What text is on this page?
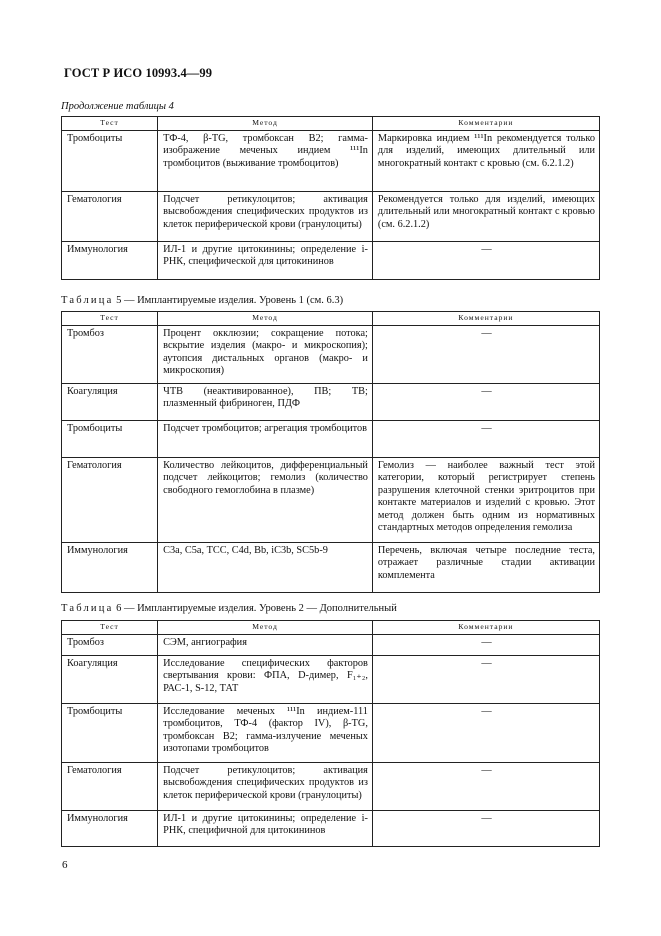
ГОСТ Р ИСО 10993.4—99
Продолжение таблицы 4
Тест	Метод	Комментарии
Тромбоциты	ТФ-4, β-TG, тромбоксан В2; гамма-изображение меченых индием ¹¹¹In тромбоцитов (выживание тромбоцитов)	Маркировка индием ¹¹¹In рекомендуется только для изделий, имеющих длительный или многократный контакт с кровью (см. 6.2.1.2)
Гематология	Подсчет ретикулоцитов; активация высвобождения специфических продуктов из клеток периферической крови (гранулоциты)	Рекомендуется только для изделий, имеющих длительный или многократный контакт с кровью (см. 6.2.1.2)
Иммунология	ИЛ-1 и другие цитокинины; определение i-РНК, специфической для цитокининов	—
Таблица 5 — Имплантируемые изделия. Уровень 1 (см. 6.3)
Тест	Метод	Комментарии
Тромбоз	Процент окклюзии; сокращение потока; вскрытие изделия (макро- и микроскопия); аутопсия дистальных органов (макро- и микроскопия)	—
Коагуляция	ЧТВ (неактивированное), ПВ; ТВ; плазменный фибриноген, ПДФ	—
Тромбоциты	Подсчет тромбоцитов; агрегация тромбоцитов	—
Гематология	Количество лейкоцитов, дифференциальный подсчет лейкоцитов; гемолиз (количество свободного гемоглобина в плазме)	Гемолиз — наиболее важный тест этой категории, который регистрирует степень разрушения клеточной стенки эритроцитов при контакте материалов и изделий с кровью. Этот метод должен быть одним из нормативных стандартных методов определения гемолиза
Иммунология	С3а, С5а, ТСС, С4d, Bb, iC3b, SC5b-9	Перечень, включая четыре последние теста, отражает различные стадии активации комплемента
Таблица 6 — Имплантируемые изделия. Уровень 2 — Дополнительный
Тест	Метод	Комментарии
Тромбоз	СЭМ, ангиография	—
Коагуляция	Исследование специфических факторов свертывания крови: ФПА, D-димер, F₁₊₂, РАС-1, S-12, ТАТ	—
Тромбоциты	Исследование меченых ¹¹¹In индием-111 тромбоцитов, ТФ-4 (фактор IV), β-TG, тромбоксан В2; гамма-излучение меченых изотопами тромбоцитов	—
Гематология	Подсчет ретикулоцитов; активация высвобождения специфических продуктов из клеток периферической крови (гранулоциты)	—
Иммунология	ИЛ-1 и другие цитокинины; определение i-РНК, специфичной для цитокининов	—
6
